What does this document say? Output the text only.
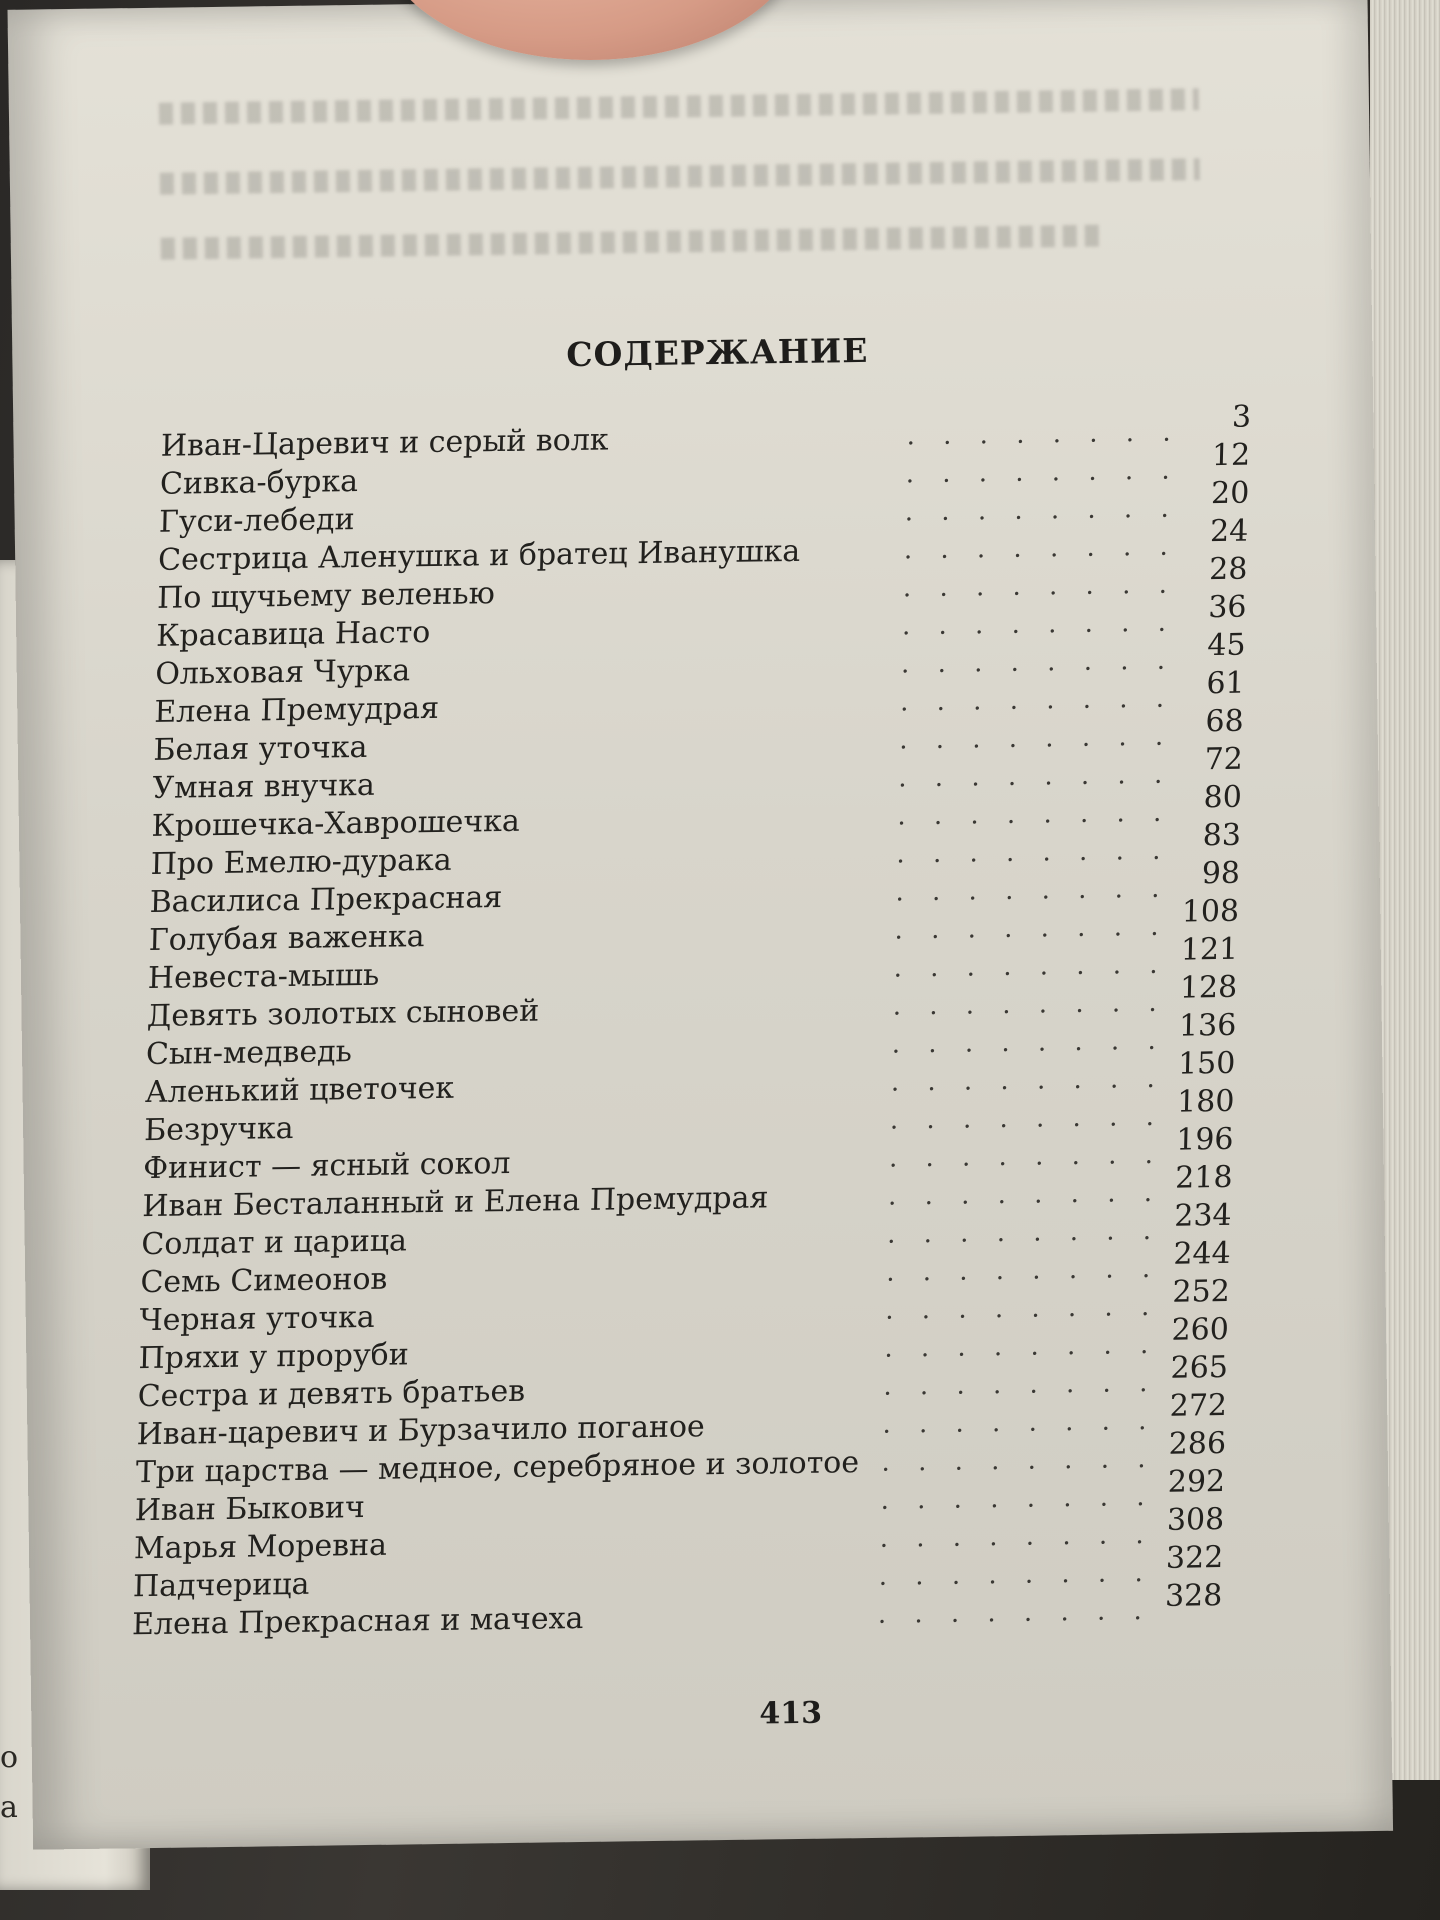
о
а
СОДЕРЖАНИЕ
Иван-Царевич и серый волк	. . . . . . . . 3
Сивка-бурка	. . . . . . . . 12
Гуси-лебеди	. . . . . . . . 20
Сестрица Аленушка и братец Иванушка	. . . . . . . . 24
По щучьему веленью	. . . . . . . . 28
Красавица Насто	. . . . . . . . 36
Ольховая Чурка	. . . . . . . . 45
Елена Премудрая	. . . . . . . . 61
Белая уточка	. . . . . . . . 68
Умная внучка	. . . . . . . . 72
Крошечка-Хаврошечка	. . . . . . . . 80
Про Емелю-дурака	. . . . . . . . 83
Василиса Прекрасная	. . . . . . . . 98
Голубая важенка	. . . . . . . . 108
Невеста-мышь	. . . . . . . . 121
Девять золотых сыновей	. . . . . . . . 128
Сын-медведь	. . . . . . . . 136
Аленький цветочек	. . . . . . . . 150
Безручка	. . . . . . . . 180
Финист — ясный сокол	. . . . . . . . 196
Иван Бесталанный и Елена Премудрая	. . . . . . . . 218
Солдат и царица	. . . . . . . . 234
Семь Симеонов	. . . . . . . . 244
Черная уточка	. . . . . . . . 252
Пряхи у проруби	. . . . . . . . 260
Сестра и девять братьев	. . . . . . . . 265
Иван-царевич и Бурзачило поганое	. . . . . . . . 272
Три царства — медное, серебряное и золотое . . . . . . . . 286
Иван Быкович	. . . . . . . . 292
Марья Моревна	. . . . . . . . 308
Падчерица	. . . . . . . . 322
Елена Прекрасная и мачеха	. . . . . . . . 328

413
